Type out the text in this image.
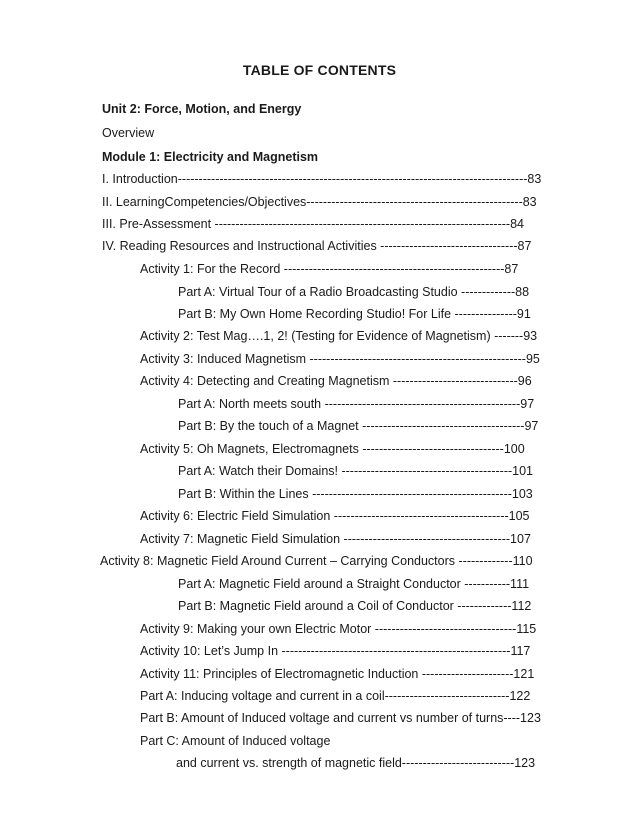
TABLE OF CONTENTS
Unit 2: Force, Motion, and Energy
Overview
Module 1: Electricity and Magnetism
I. Introduction------------------------------------------------------------------------------------83
II. LearningCompetencies/Objectives----------------------------------------------------83
III. Pre-Assessment -----------------------------------------------------------------------84
IV. Reading Resources and Instructional Activities ---------------------------------87
Activity 1: For the Record -----------------------------------------------------87
Part A: Virtual Tour of a Radio Broadcasting Studio -------------88
Part B: My Own Home Recording Studio! For Life ---------------91
Activity 2: Test Mag….1, 2! (Testing for Evidence of Magnetism) -------93
Activity 3: Induced Magnetism ----------------------------------------------------95
Activity 4: Detecting and Creating Magnetism ------------------------------96
Part A: North meets south -----------------------------------------------97
Part B: By the touch of a Magnet ---------------------------------------97
Activity 5: Oh Magnets, Electromagnets ----------------------------------100
Part A: Watch their Domains! -----------------------------------------101
Part B: Within the Lines ------------------------------------------------103
Activity 6: Electric Field Simulation ------------------------------------------105
Activity 7: Magnetic Field Simulation ----------------------------------------107
Activity 8: Magnetic Field Around Current – Carrying Conductors -------------110
Part A: Magnetic Field around a Straight Conductor -----------111
Part B: Magnetic Field around a Coil of Conductor -------------112
Activity 9: Making your own Electric Motor ----------------------------------115
Activity 10: Let’s Jump In -------------------------------------------------------117
Activity 11: Principles of Electromagnetic Induction ----------------------121
Part A: Inducing voltage and current in a coil------------------------------122
Part B: Amount of Induced voltage and current vs number of turns----123
Part C: Amount of Induced voltage
and current vs. strength of magnetic field---------------------------123
